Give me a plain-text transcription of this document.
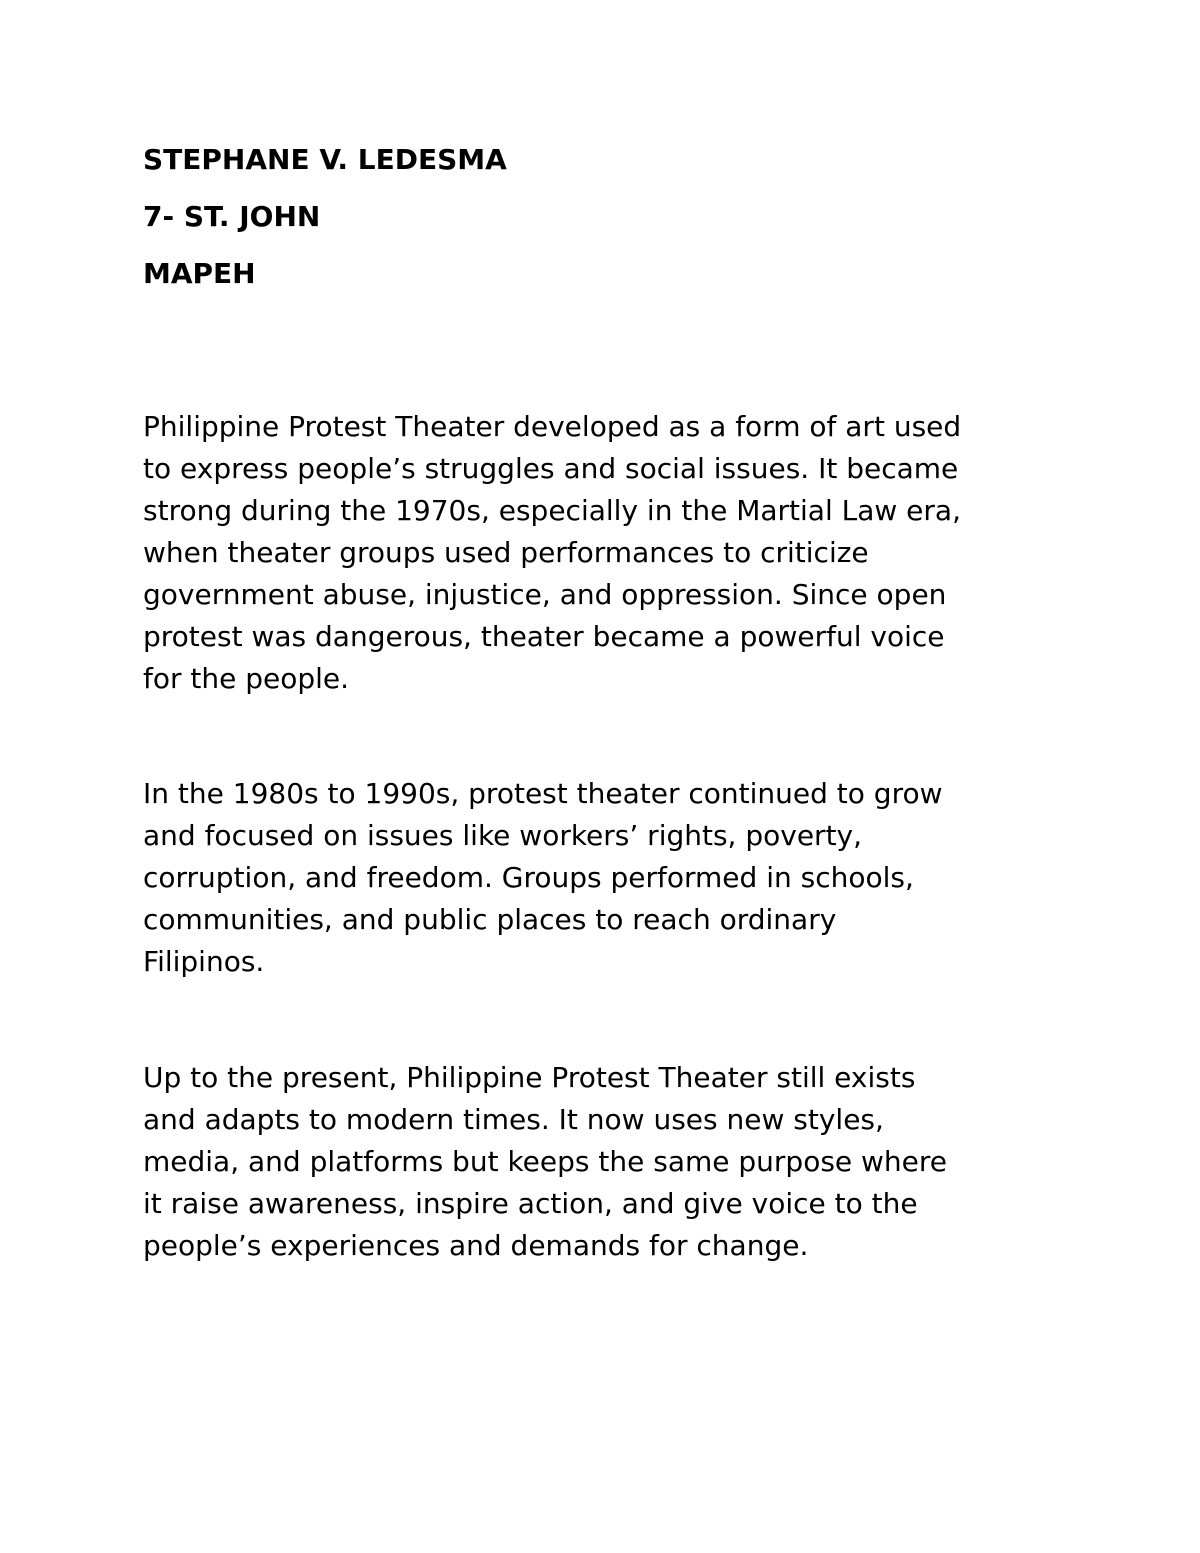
STEPHANE V. LEDESMA
7- ST. JOHN
MAPEH

Philippine Protest Theater developed as a form of art used
to express people’s struggles and social issues. It became
strong during the 1970s, especially in the Martial Law era,
when theater groups used performances to criticize
government abuse, injustice, and oppression. Since open
protest was dangerous, theater became a powerful voice
for the people.

In the 1980s to 1990s, protest theater continued to grow
and focused on issues like workers’ rights, poverty,
corruption, and freedom. Groups performed in schools,
communities, and public places to reach ordinary
Filipinos.

Up to the present, Philippine Protest Theater still exists
and adapts to modern times. It now uses new styles,
media, and platforms but keeps the same purpose where
it raise awareness, inspire action, and give voice to the
people’s experiences and demands for change.
